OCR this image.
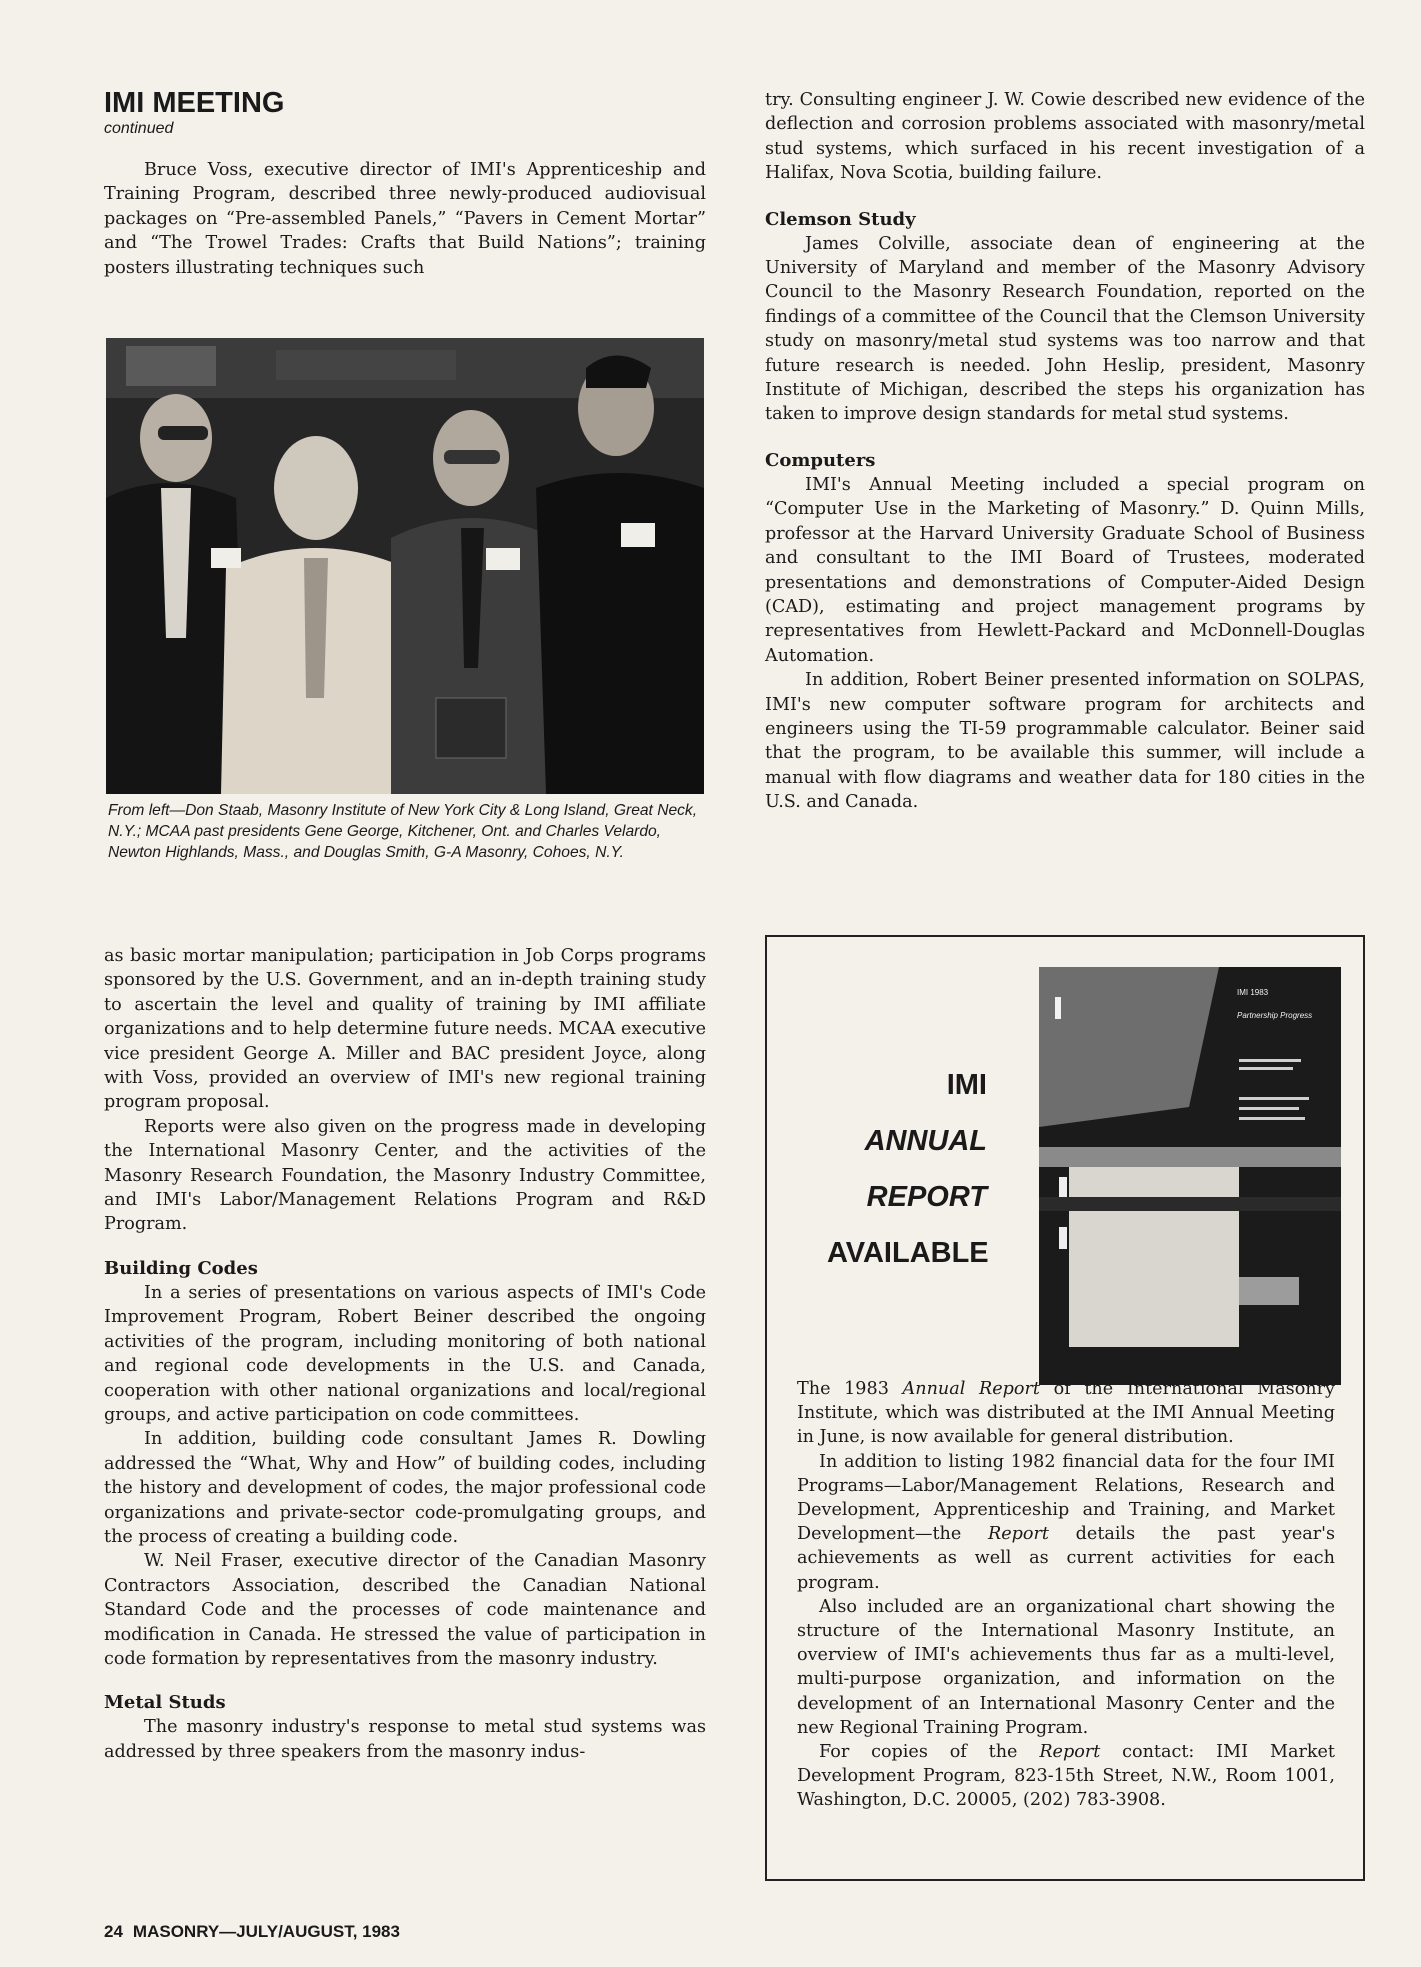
IMI MEETING

continued

Bruce Voss, executive director of IMI's Apprenticeship and Training Program, described three newly-produced audiovisual packages on “Pre-assembled Panels,” “Pavers in Cement Mortar” and “The Trowel Trades: Crafts that Build Nations”; training posters illustrating techniques such

From left—Don Staab, Masonry Institute of New York City & Long Island, Great Neck, N.Y.; MCAA past presidents Gene George, Kitchener, Ont. and Charles Velardo, Newton Highlands, Mass., and Douglas Smith, G-A Masonry, Cohoes, N.Y.

as basic mortar manipulation; participation in Job Corps programs sponsored by the U.S. Government, and an in-depth training study to ascertain the level and quality of training by IMI affiliate organizations and to help determine future needs. MCAA executive vice president George A. Miller and BAC president Joyce, along with Voss, provided an overview of IMI's new regional training program proposal.

Reports were also given on the progress made in developing the International Masonry Center, and the activities of the Masonry Research Foundation, the Masonry Industry Committee, and IMI's Labor/Management Relations Program and R&D Program.

Building Codes

In a series of presentations on various aspects of IMI's Code Improvement Program, Robert Beiner described the ongoing activities of the program, including monitoring of both national and regional code developments in the U.S. and Canada, cooperation with other national organizations and local/regional groups, and active participation on code committees.

In addition, building code consultant James R. Dowling addressed the “What, Why and How” of building codes, including the history and development of codes, the major professional code organizations and private-sector code-promulgating groups, and the process of creating a building code.

W. Neil Fraser, executive director of the Canadian Masonry Contractors Association, described the Canadian National Standard Code and the processes of code maintenance and modification in Canada. He stressed the value of participation in code formation by representatives from the masonry industry.

Metal Studs

The masonry industry's response to metal stud systems was addressed by three speakers from the masonry indus-

try. Consulting engineer J. W. Cowie described new evidence of the deflection and corrosion problems associated with masonry/metal stud systems, which surfaced in his recent investigation of a Halifax, Nova Scotia, building failure.

Clemson Study

James Colville, associate dean of engineering at the University of Maryland and member of the Masonry Advisory Council to the Masonry Research Foundation, reported on the findings of a committee of the Council that the Clemson University study on masonry/metal stud systems was too narrow and that future research is needed. John Heslip, president, Masonry Institute of Michigan, described the steps his organization has taken to improve design standards for metal stud systems.

Computers

IMI's Annual Meeting included a special program on “Computer Use in the Marketing of Masonry.” D. Quinn Mills, professor at the Harvard University Graduate School of Business and consultant to the IMI Board of Trustees, moderated presentations and demonstrations of Computer-Aided Design (CAD), estimating and project management programs by representatives from Hewlett-Packard and McDonnell-Douglas Automation.

In addition, Robert Beiner presented information on SOLPAS, IMI's new computer software program for architects and engineers using the TI-59 programmable calculator. Beiner said that the program, to be available this summer, will include a manual with flow diagrams and weather data for 180 cities in the U.S. and Canada.

IMI ANNUAL
REPORT
AVAILABLE
IMI 1983
Partnership Progress

The 1983 Annual Report of the International Masonry Institute, which was distributed at the IMI Annual Meeting in June, is now available for general distribution.

In addition to listing 1982 financial data for the four IMI Programs—Labor/Management Relations, Research and Development, Apprenticeship and Training, and Market Development—the Report details the past year's achievements as well as current activities for each program.

Also included are an organizational chart showing the structure of the International Masonry Institute, an overview of IMI's achievements thus far as a multi-level, multi-purpose organization, and information on the development of an International Masonry Center and the new Regional Training Program.

For copies of the Report contact: IMI Market Development Program, 823-15th Street, N.W., Room 1001, Washington, D.C. 20005, (202) 783-3908.

24 MASONRY—JULY/AUGUST, 1983
